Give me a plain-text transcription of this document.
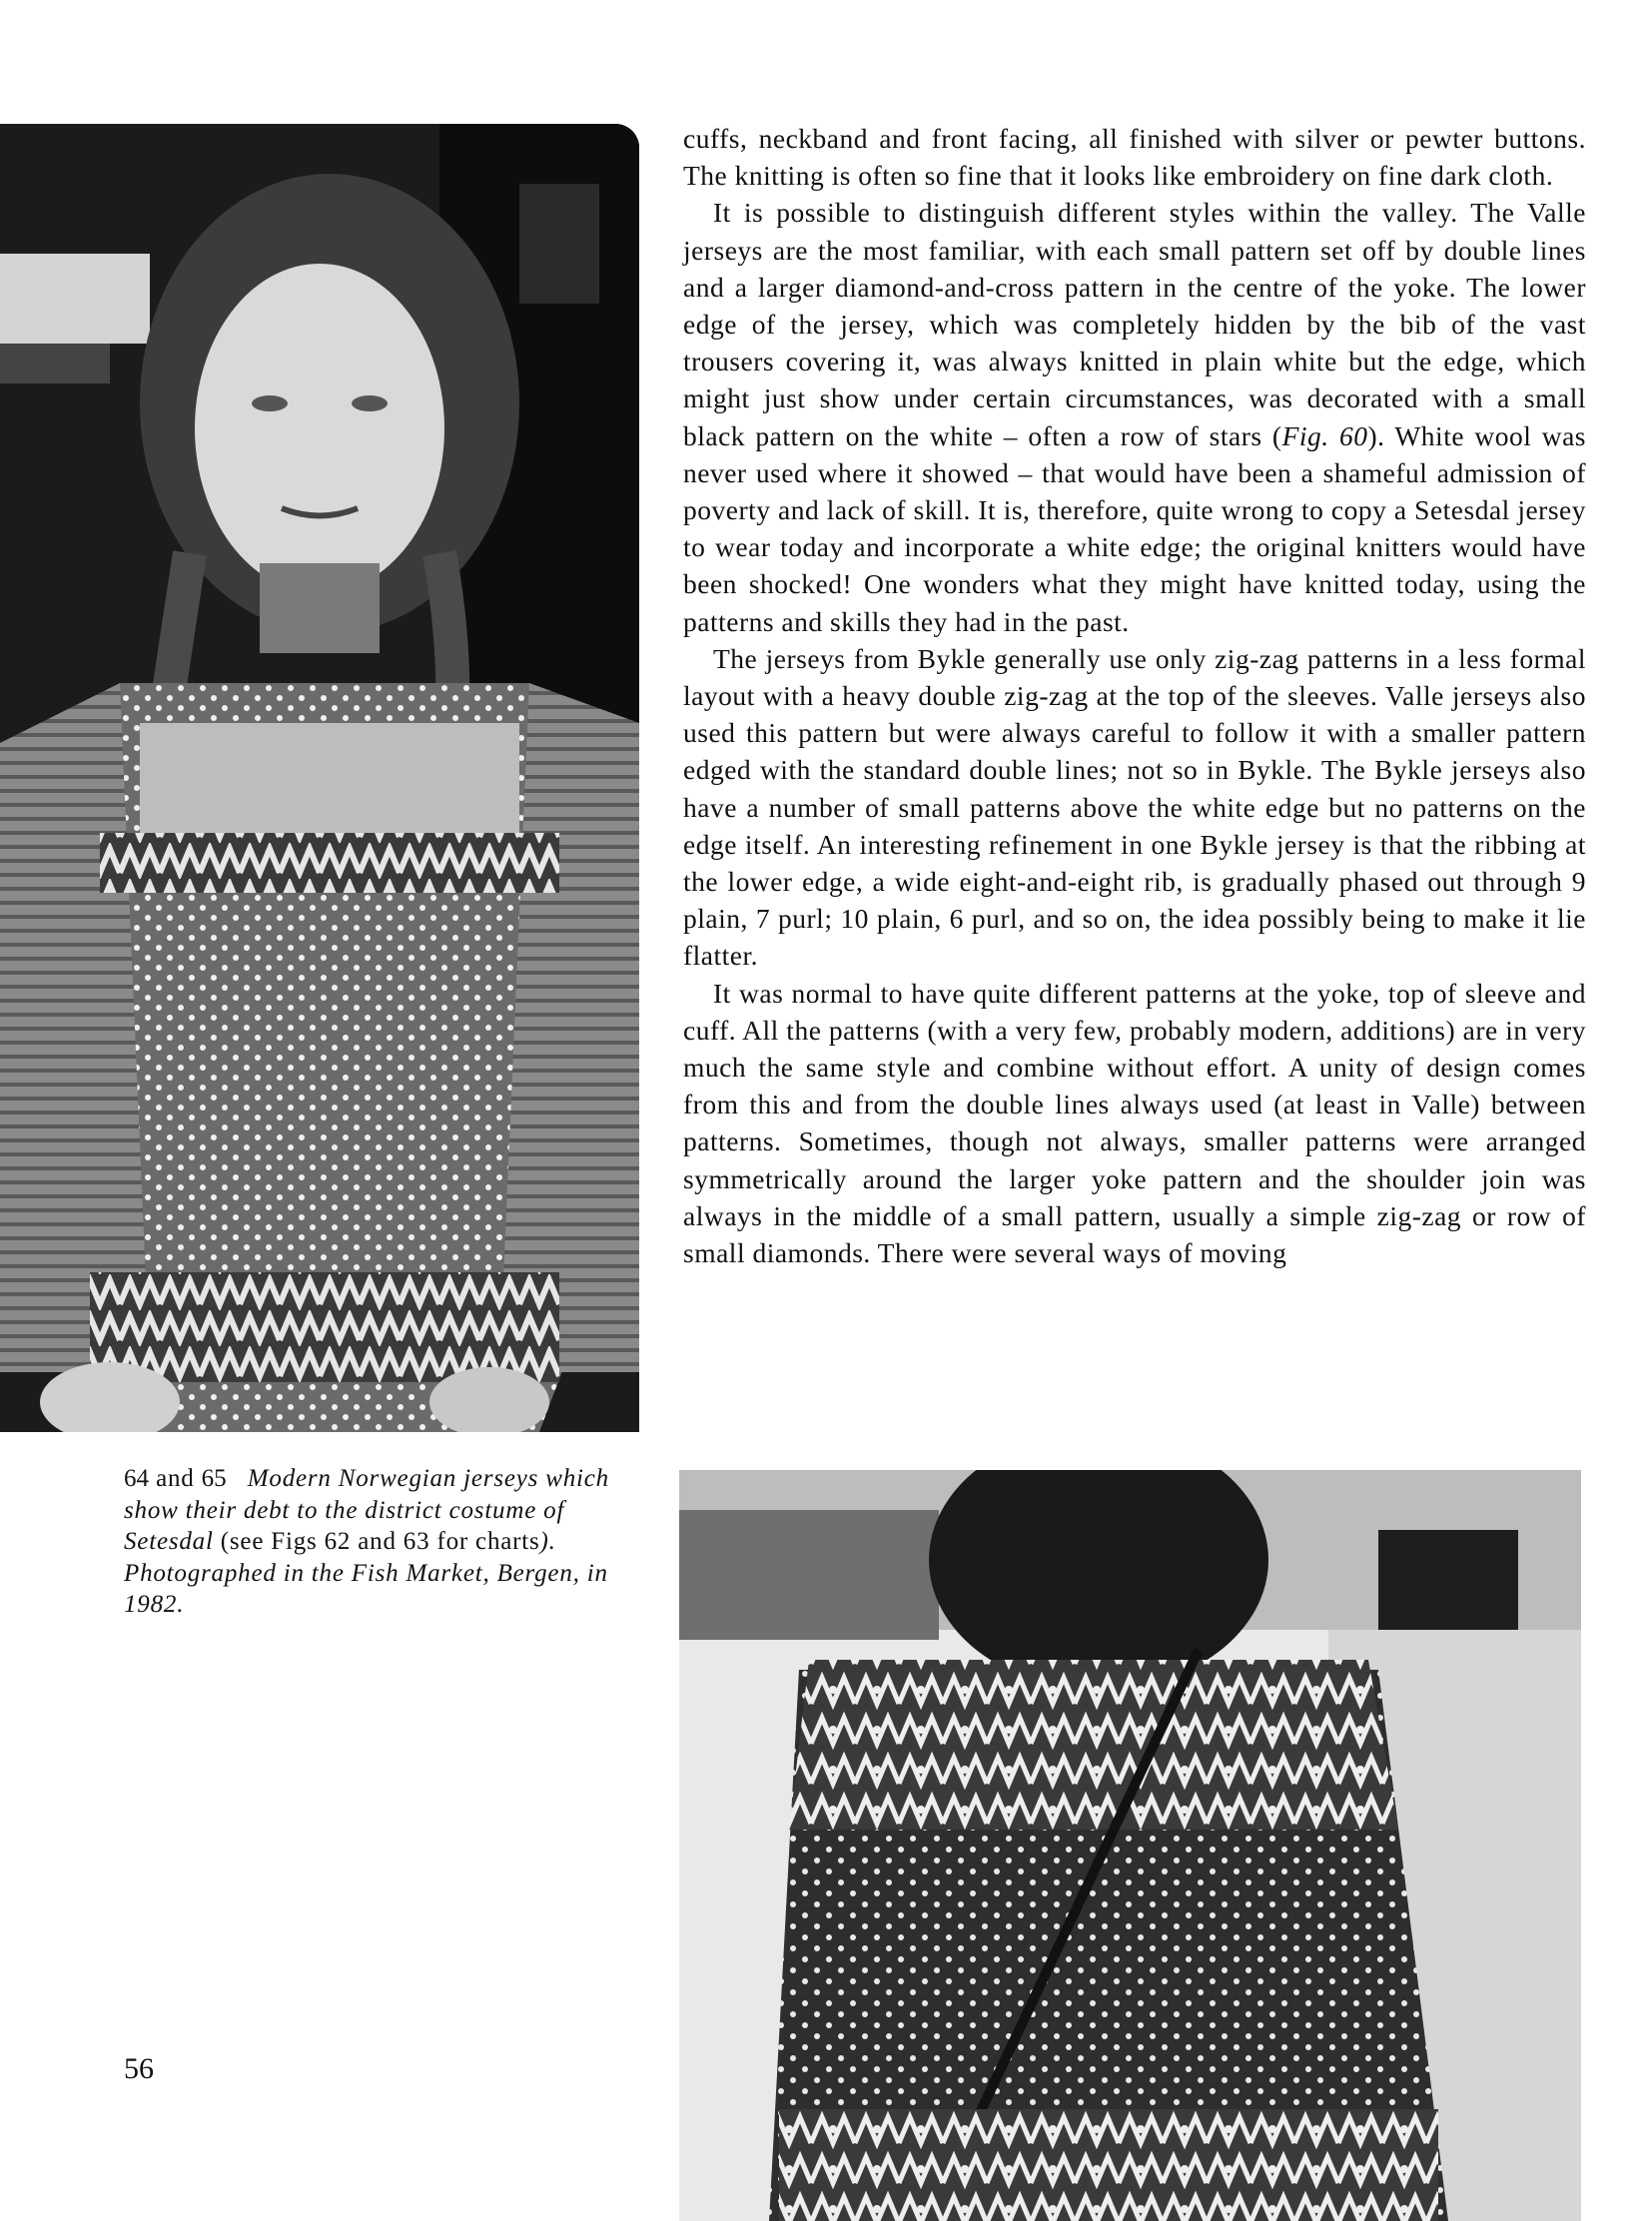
cuffs, neckband and front facing, all finished with silver or pewter buttons. The knitting is often so fine that it looks like embroidery on fine dark cloth.

It is possible to distinguish different styles within the valley. The Valle jerseys are the most familiar, with each small pattern set off by double lines and a larger diamond-and-cross pattern in the centre of the yoke. The lower edge of the jersey, which was completely hidden by the bib of the vast trousers covering it, was always knitted in plain white but the edge, which might just show under certain circumstances, was decorated with a small black pattern on the white – often a row of stars (Fig. 60). White wool was never used where it showed – that would have been a shameful admission of poverty and lack of skill. It is, therefore, quite wrong to copy a Setesdal jersey to wear today and incorporate a white edge; the original knitters would have been shocked! One wonders what they might have knitted today, using the patterns and skills they had in the past.

The jerseys from Bykle generally use only zig-zag patterns in a less formal layout with a heavy double zig-zag at the top of the sleeves. Valle jerseys also used this pattern but were always careful to follow it with a smaller pattern edged with the standard double lines; not so in Bykle. The Bykle jerseys also have a number of small patterns above the white edge but no patterns on the edge itself. An interesting refinement in one Bykle jersey is that the ribbing at the lower edge, a wide eight-and-eight rib, is gradually phased out through 9 plain, 7 purl; 10 plain, 6 purl, and so on, the idea possibly being to make it lie flatter.

It was normal to have quite different patterns at the yoke, top of sleeve and cuff. All the patterns (with a very few, probably modern, additions) are in very much the same style and combine without effort. A unity of design comes from this and from the double lines always used (at least in Valle) between patterns. Sometimes, though not always, smaller patterns were arranged symmetrically around the larger yoke pattern and the shoulder join was always in the middle of a small pattern, usually a simple zig-zag or row of small diamonds. There were several ways of moving

64 and 65 Modern Norwegian jerseys which show their debt to the district costume of Setesdal (see Figs 62 and 63 for charts). Photographed in the Fish Market, Bergen, in 1982.
56
